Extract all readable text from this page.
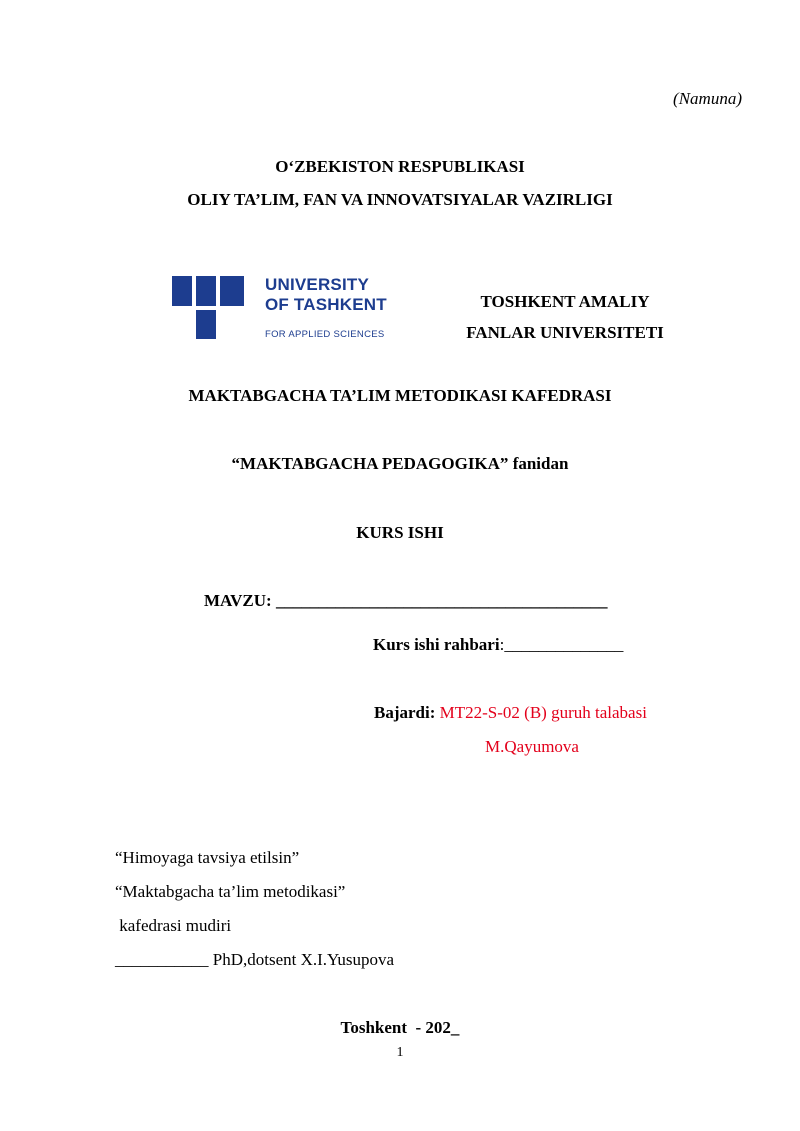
(Namuna)
O‘ZBEKISTON RESPUBLIKASI
OLIY TA’LIM, FAN VA INNOVATSIYALAR VAZIRLIGI
UNIVERSITY
OF TASHKENT
FOR APPLIED SCIENCES
TOSHKENT AMALIY
FANLAR UNIVERSITETI
MAKTABGACHA TA’LIM METODIKASI KAFEDRASI
“MAKTABGACHA PEDAGOGIKA” fanidan
KURS ISHI
MAVZU: _______________________________________
Kurs ishi rahbari:______________
Bajardi: MT22-S-02 (B) guruh talabasi
M.Qayumova
“Himoyaga tavsiya etilsin”
“Maktabgacha ta’lim metodikasi”
kafedrasi mudiri
___________ PhD,dotsent X.I.Yusupova
Toshkent  - 202_
1
